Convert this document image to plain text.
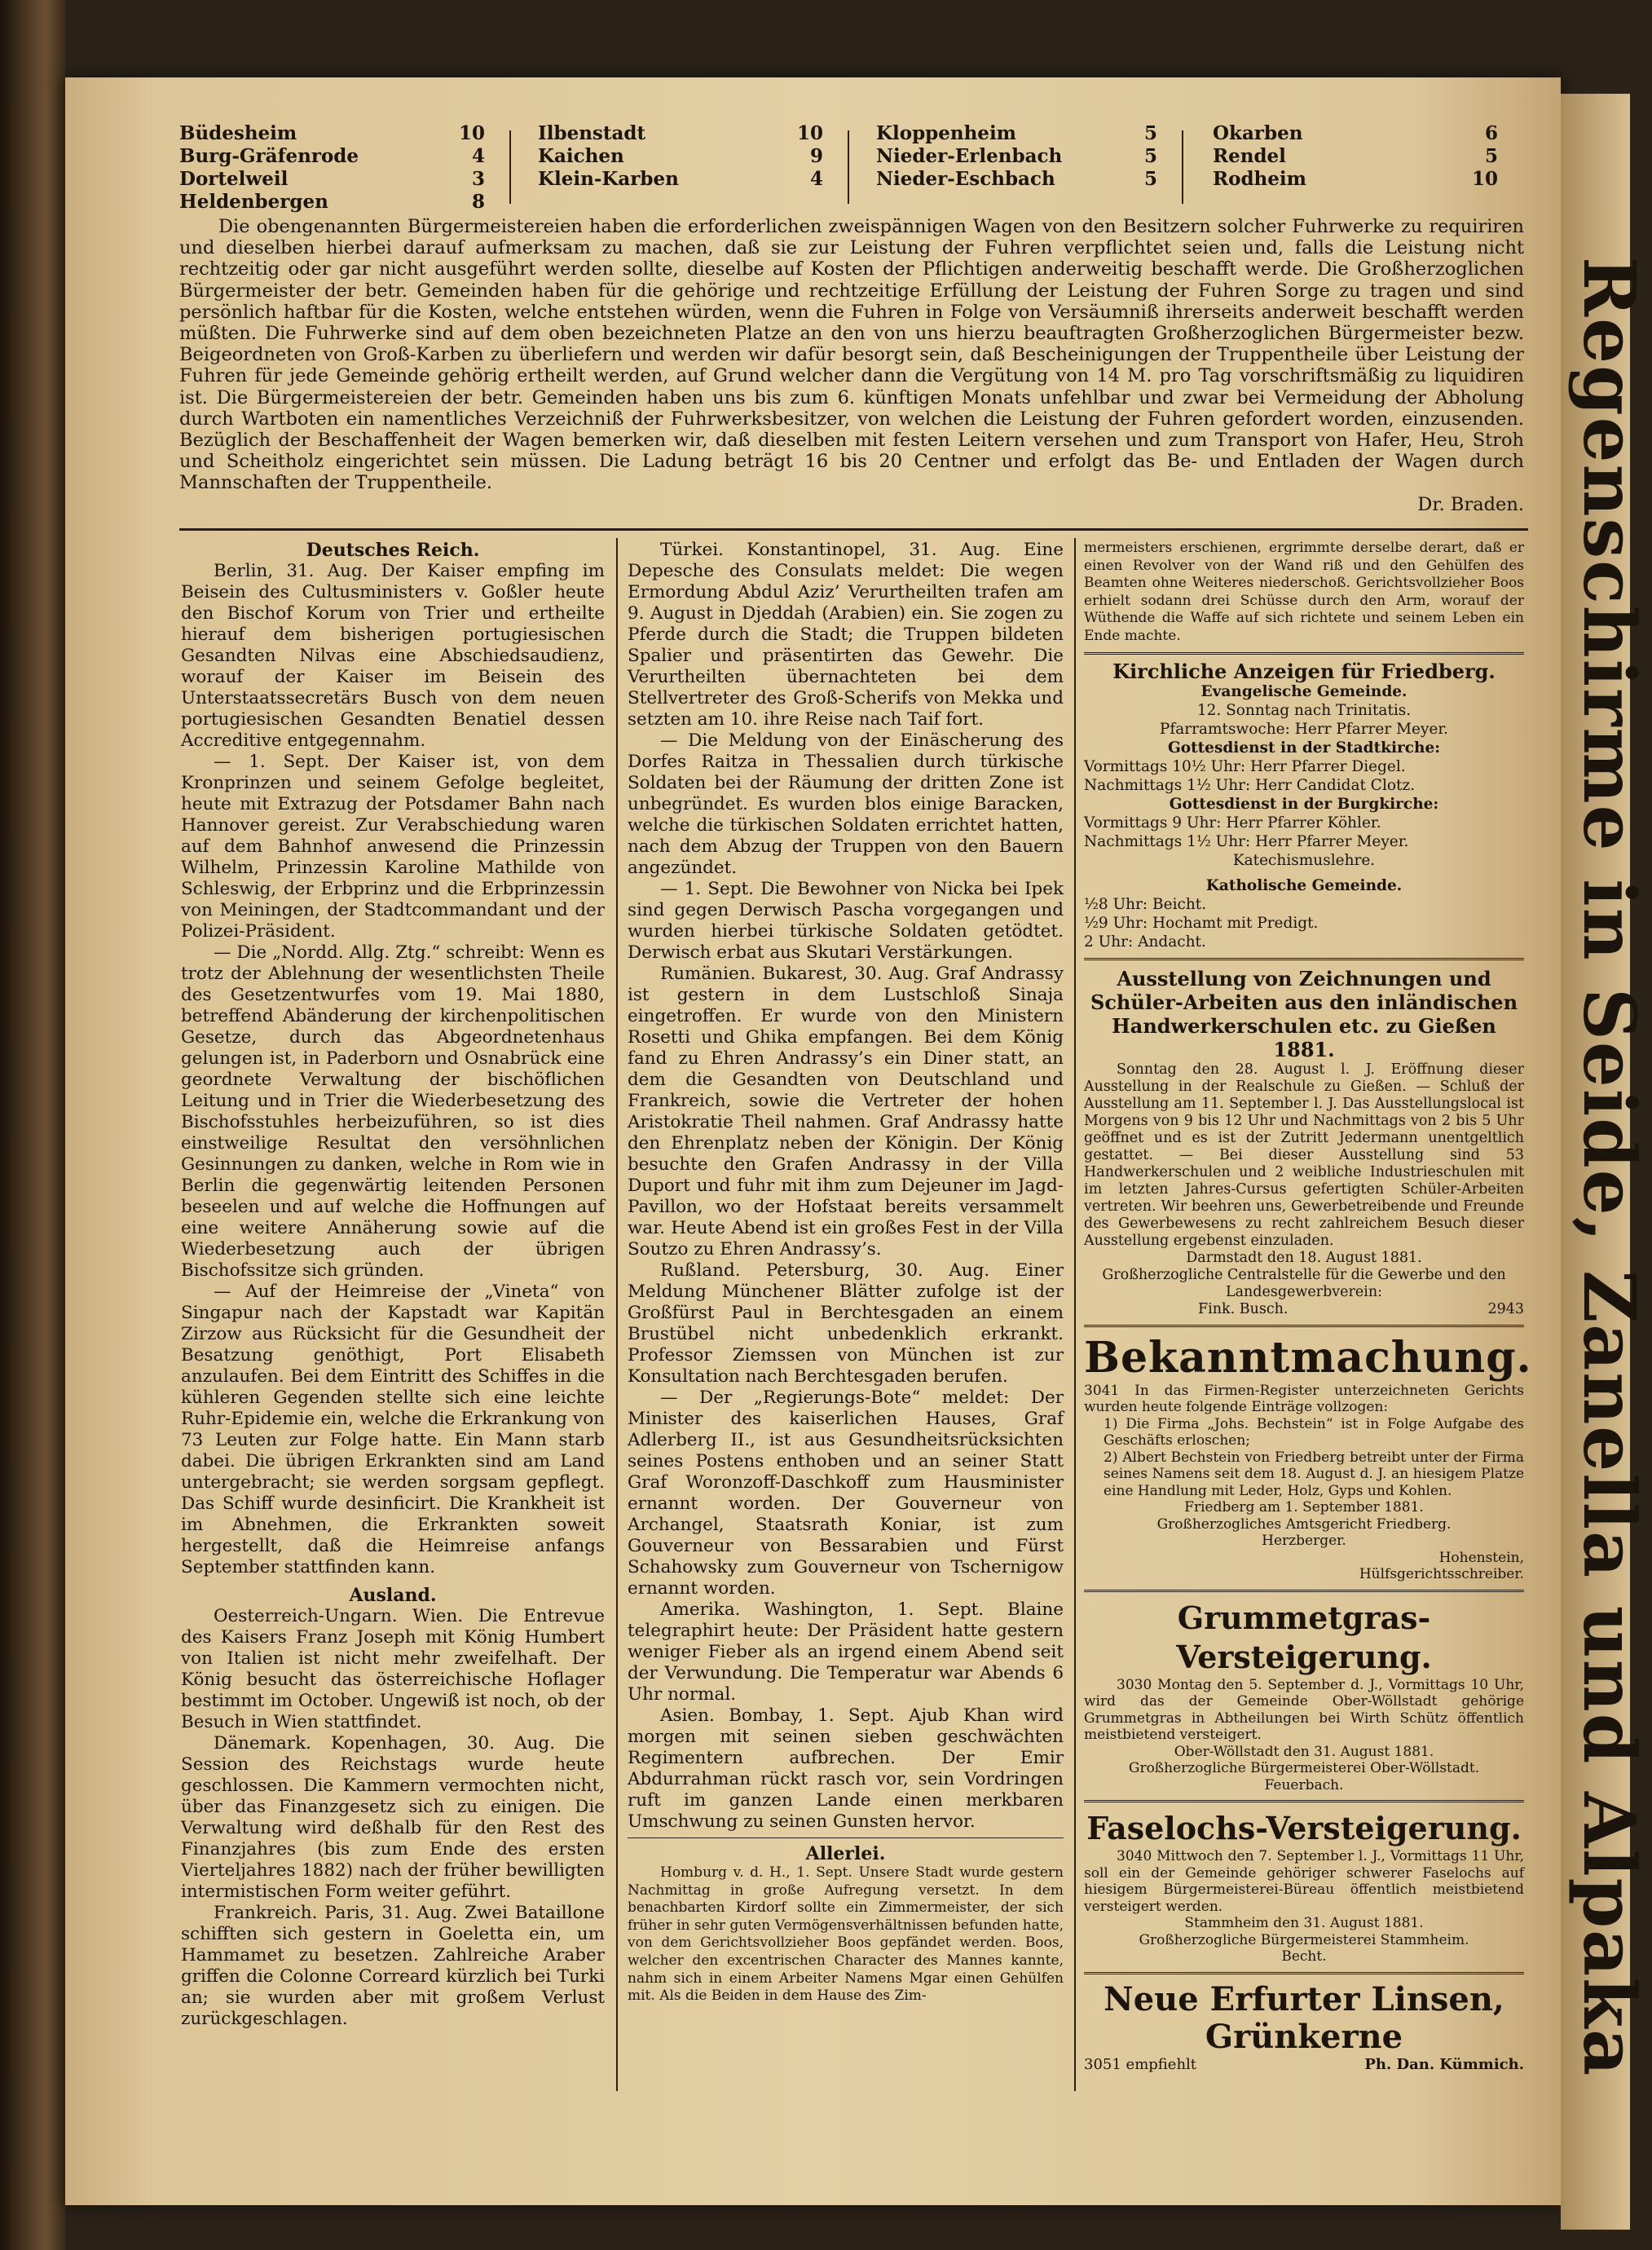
Regenschirme in Seide, Zanella und Alpaka
Büdesheim	10
Burg-Gräfenrode	4
Dortelweil	3
Heldenbergen	8
Ilbenstadt	10
Kaichen	9
Klein-Karben	4
Kloppenheim	5
Nieder-Erlenbach	5
Nieder-Eschbach	5
Okarben	6
Rendel	5
Rodheim	10

Die obengenannten Bürgermeistereien haben die erforderlichen zweispännigen Wagen von den Besitzern solcher Fuhrwerke zu requiriren und dieselben hierbei darauf aufmerksam zu machen, daß sie zur Leistung der Fuhren verpflichtet seien und, falls die Leistung nicht rechtzeitig oder gar nicht ausgeführt werden sollte, dieselbe auf Kosten der Pflichtigen anderweitig beschafft werde. Die Großherzoglichen Bürgermeister der betr. Gemeinden haben für die gehörige und rechtzeitige Erfüllung der Leistung der Fuhren Sorge zu tragen und sind persönlich haftbar für die Kosten, welche entstehen würden, wenn die Fuhren in Folge von Versäumniß ihrerseits anderweit beschafft werden müßten. Die Fuhrwerke sind auf dem oben bezeichneten Platze an den von uns hierzu beauftragten Großherzoglichen Bürgermeister bezw. Beigeordneten von Groß-Karben zu überliefern und werden wir dafür besorgt sein, daß Bescheinigungen der Truppentheile über Leistung der Fuhren für jede Gemeinde gehörig ertheilt werden, auf Grund welcher dann die Vergütung von 14 M. pro Tag vorschriftsmäßig zu liquidiren ist. Die Bürgermeistereien der betr. Gemeinden haben uns bis zum 6. künftigen Monats unfehlbar und zwar bei Vermeidung der Abholung durch Wartboten ein namentliches Verzeichniß der Fuhrwerksbesitzer, von welchen die Leistung der Fuhren gefordert worden, einzusenden. Bezüglich der Beschaffenheit der Wagen bemerken wir, daß dieselben mit festen Leitern versehen und zum Transport von Hafer, Heu, Stroh und Scheitholz eingerichtet sein müssen. Die Ladung beträgt 16 bis 20 Centner und erfolgt das Be- und Entladen der Wagen durch Mannschaften der Truppentheile.

Dr. Braden.
Deutsches Reich.

Berlin, 31. Aug. Der Kaiser empfing im Beisein des Cultusministers v. Goßler heute den Bischof Korum von Trier und ertheilte hierauf dem bisherigen portugiesischen Gesandten Nilvas eine Abschiedsaudienz, worauf der Kaiser im Beisein des Unterstaatssecretärs Busch von dem neuen portugiesischen Gesandten Benatiel dessen Accreditive entgegennahm.

— 1. Sept. Der Kaiser ist, von dem Kronprinzen und seinem Gefolge begleitet, heute mit Extrazug der Potsdamer Bahn nach Hannover gereist. Zur Verabschiedung waren auf dem Bahnhof anwesend die Prinzessin Wilhelm, Prinzessin Karoline Mathilde von Schleswig, der Erbprinz und die Erbprinzessin von Meiningen, der Stadtcommandant und der Polizei-Präsident.

— Die „Nordd. Allg. Ztg.“ schreibt: Wenn es trotz der Ablehnung der wesentlichsten Theile des Gesetzentwurfes vom 19. Mai 1880, betreffend Abänderung der kirchenpolitischen Gesetze, durch das Abgeordnetenhaus gelungen ist, in Paderborn und Osnabrück eine geordnete Verwaltung der bischöflichen Leitung und in Trier die Wiederbesetzung des Bischofsstuhles herbeizuführen, so ist dies einstweilige Resultat den versöhnlichen Gesinnungen zu danken, welche in Rom wie in Berlin die gegenwärtig leitenden Personen beseelen und auf welche die Hoffnungen auf eine weitere Annäherung sowie auf die Wiederbesetzung auch der übrigen Bischofssitze sich gründen.

— Auf der Heimreise der „Vineta“ von Singapur nach der Kapstadt war Kapitän Zirzow aus Rücksicht für die Gesundheit der Besatzung genöthigt, Port Elisabeth anzulaufen. Bei dem Eintritt des Schiffes in die kühleren Gegenden stellte sich eine leichte Ruhr-Epidemie ein, welche die Erkrankung von 73 Leuten zur Folge hatte. Ein Mann starb dabei. Die übrigen Erkrankten sind am Land untergebracht; sie werden sorgsam gepflegt. Das Schiff wurde desinficirt. Die Krankheit ist im Abnehmen, die Erkrankten soweit hergestellt, daß die Heimreise anfangs September stattfinden kann.

Ausland.

Oesterreich-Ungarn. Wien. Die Entrevue des Kaisers Franz Joseph mit König Humbert von Italien ist nicht mehr zweifelhaft. Der König besucht das österreichische Hoflager bestimmt im October. Ungewiß ist noch, ob der Besuch in Wien stattfindet.

Dänemark. Kopenhagen, 30. Aug. Die Session des Reichstags wurde heute geschlossen. Die Kammern vermochten nicht, über das Finanzgesetz sich zu einigen. Die Verwaltung wird deßhalb für den Rest des Finanzjahres (bis zum Ende des ersten Vierteljahres 1882) nach der früher bewilligten intermistischen Form weiter geführt.

Frankreich. Paris, 31. Aug. Zwei Bataillone schifften sich gestern in Goeletta ein, um Hammamet zu besetzen. Zahlreiche Araber griffen die Colonne Correard kürzlich bei Turki an; sie wurden aber mit großem Verlust zurückgeschlagen.

Türkei. Konstantinopel, 31. Aug. Eine Depesche des Consulats meldet: Die wegen Ermordung Abdul Aziz’ Verurtheilten trafen am 9. August in Djeddah (Arabien) ein. Sie zogen zu Pferde durch die Stadt; die Truppen bildeten Spalier und präsentirten das Gewehr. Die Verurtheilten übernachteten bei dem Stellvertreter des Groß-Scherifs von Mekka und setzten am 10. ihre Reise nach Taif fort.

— Die Meldung von der Einäscherung des Dorfes Raitza in Thessalien durch türkische Soldaten bei der Räumung der dritten Zone ist unbegründet. Es wurden blos einige Baracken, welche die türkischen Soldaten errichtet hatten, nach dem Abzug der Truppen von den Bauern angezündet.

— 1. Sept. Die Bewohner von Nicka bei Ipek sind gegen Derwisch Pascha vorgegangen und wurden hierbei türkische Soldaten getödtet. Derwisch erbat aus Skutari Verstärkungen.

Rumänien. Bukarest, 30. Aug. Graf Andrassy ist gestern in dem Lustschloß Sinaja eingetroffen. Er wurde von den Ministern Rosetti und Ghika empfangen. Bei dem König fand zu Ehren Andrassy’s ein Diner statt, an dem die Gesandten von Deutschland und Frankreich, sowie die Vertreter der hohen Aristokratie Theil nahmen. Graf Andrassy hatte den Ehrenplatz neben der Königin. Der König besuchte den Grafen Andrassy in der Villa Duport und fuhr mit ihm zum Dejeuner im Jagd-Pavillon, wo der Hofstaat bereits versammelt war. Heute Abend ist ein großes Fest in der Villa Soutzo zu Ehren Andrassy’s.

Rußland. Petersburg, 30. Aug. Einer Meldung Münchener Blätter zufolge ist der Großfürst Paul in Berchtesgaden an einem Brustübel nicht unbedenklich erkrankt. Professor Ziemssen von München ist zur Konsultation nach Berchtesgaden berufen.

— Der „Regierungs-Bote“ meldet: Der Minister des kaiserlichen Hauses, Graf Adlerberg II., ist aus Gesundheitsrücksichten seines Postens enthoben und an seiner Statt Graf Woronzoff-Daschkoff zum Hausminister ernannt worden. Der Gouverneur von Archangel, Staatsrath Koniar, ist zum Gouverneur von Bessarabien und Fürst Schahowsky zum Gouverneur von Tschernigow ernannt worden.

Amerika. Washington, 1. Sept. Blaine telegraphirt heute: Der Präsident hatte gestern weniger Fieber als an irgend einem Abend seit der Verwundung. Die Temperatur war Abends 6 Uhr normal.

Asien. Bombay, 1. Sept. Ajub Khan wird morgen mit seinen sieben geschwächten Regimentern aufbrechen. Der Emir Abdurrahman rückt rasch vor, sein Vordringen ruft im ganzen Lande einen merkbaren Umschwung zu seinen Gunsten hervor.

Allerlei.

Homburg v. d. H., 1. Sept. Unsere Stadt wurde gestern Nachmittag in große Aufregung versetzt. In dem benachbarten Kirdorf sollte ein Zimmermeister, der sich früher in sehr guten Vermögensverhältnissen befunden hatte, von dem Gerichtsvollzieher Boos gepfändet werden. Boos, welcher den excentrischen Character des Mannes kannte, nahm sich in einem Arbeiter Namens Mgar einen Gehülfen mit. Als die Beiden in dem Hause des Zim-

mermeisters erschienen, ergrimmte derselbe derart, daß er einen Revolver von der Wand riß und den Gehülfen des Beamten ohne Weiteres niederschoß. Gerichtsvollzieher Boos erhielt sodann drei Schüsse durch den Arm, worauf der Wüthende die Waffe auf sich richtete und seinem Leben ein Ende machte.

Kirchliche Anzeigen für Friedberg.
Evangelische Gemeinde.
12. Sonntag nach Trinitatis.
Pfarramtswoche: Herr Pfarrer Meyer.
Gottesdienst in der Stadtkirche:
Vormittags 10½ Uhr: Herr Pfarrer Diegel.
Nachmittags 1½ Uhr: Herr Candidat Clotz.
Gottesdienst in der Burgkirche:
Vormittags 9 Uhr: Herr Pfarrer Köhler.
Nachmittags 1½ Uhr: Herr Pfarrer Meyer.
Katechismuslehre.
Katholische Gemeinde.
½8 Uhr: Beicht.
½9 Uhr: Hochamt mit Predigt.
2 Uhr: Andacht.
Ausstellung von Zeichnungen und Schüler-Arbeiten aus den inländischen Handwerkerschulen etc. zu Gießen 1881.

Sonntag den 28. August l. J. Eröffnung dieser Ausstellung in der Realschule zu Gießen. — Schluß der Ausstellung am 11. September l. J. Das Ausstellungslocal ist Morgens von 9 bis 12 Uhr und Nachmittags von 2 bis 5 Uhr geöffnet und es ist der Zutritt Jedermann unentgeltlich gestattet. — Bei dieser Ausstellung sind 53 Handwerkerschulen und 2 weibliche Industrieschulen mit im letzten Jahres-Cursus gefertigten Schüler-Arbeiten vertreten. Wir beehren uns, Gewerbetreibende und Freunde des Gewerbewesens zu recht zahlreichem Besuch dieser Ausstellung ergebenst einzuladen.

Darmstadt den 18. August 1881.
Großherzogliche Centralstelle für die Gewerbe und den Landesgewerbverein:
Fink. Busch.	2943
Bekanntmachung.

3041 In das Firmen-Register unterzeichneten Gerichts wurden heute folgende Einträge vollzogen:

1) Die Firma „Johs. Bechstein“ ist in Folge Aufgabe des Geschäfts erloschen;

2) Albert Bechstein von Friedberg betreibt unter der Firma seines Namens seit dem 18. August d. J. an hiesigem Platze eine Handlung mit Leder, Holz, Gyps und Kohlen.

Friedberg am 1. September 1881.
Großherzogliches Amtsgericht Friedberg.
Herzberger.
Hohenstein,
Hülfsgerichtsschreiber.
Grummetgras-Versteigerung.

3030 Montag den 5. September d. J., Vormittags 10 Uhr, wird das der Gemeinde Ober-Wöllstadt gehörige Grummetgras in Abtheilungen bei Wirth Schütz öffentlich meistbietend versteigert.

Ober-Wöllstadt den 31. August 1881.
Großherzogliche Bürgermeisterei Ober-Wöllstadt.
Feuerbach.
Faselochs-Versteigerung.

3040 Mittwoch den 7. September l. J., Vormittags 11 Uhr, soll ein der Gemeinde gehöriger schwerer Faselochs auf hiesigem Bürgermeisterei-Büreau öffentlich meistbietend versteigert werden.

Stammheim den 31. August 1881.
Großherzogliche Bürgermeisterei Stammheim.
Becht.
Neue Erfurter Linsen,
Grünkerne
3051 empfiehlt	Ph. Dan. Kümmich.
